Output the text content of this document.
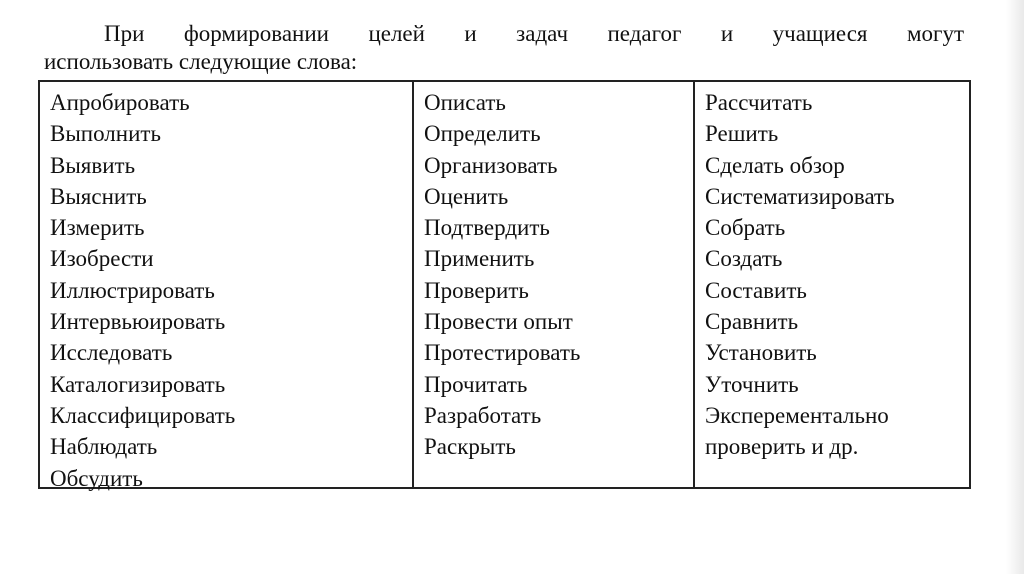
При формировании целей и задач педагог и учащиеся могут
использовать следующие слова:
Апробировать
Выполнить
Выявить
Выяснить
Измерить
Изобрести
Иллюстрировать
Интервьюировать
Исследовать
Каталогизировать
Классифицировать
Наблюдать
Обсудить
Описать
Определить
Организовать
Оценить
Подтвердить
Применить
Проверить
Провести опыт
Протестировать
Прочитать
Разработать
Раскрыть
Рассчитать
Решить
Сделать обзор
Систематизировать
Собрать
Создать
Составить
Сравнить
Установить
Уточнить
Эксперементально
проверить и др.
